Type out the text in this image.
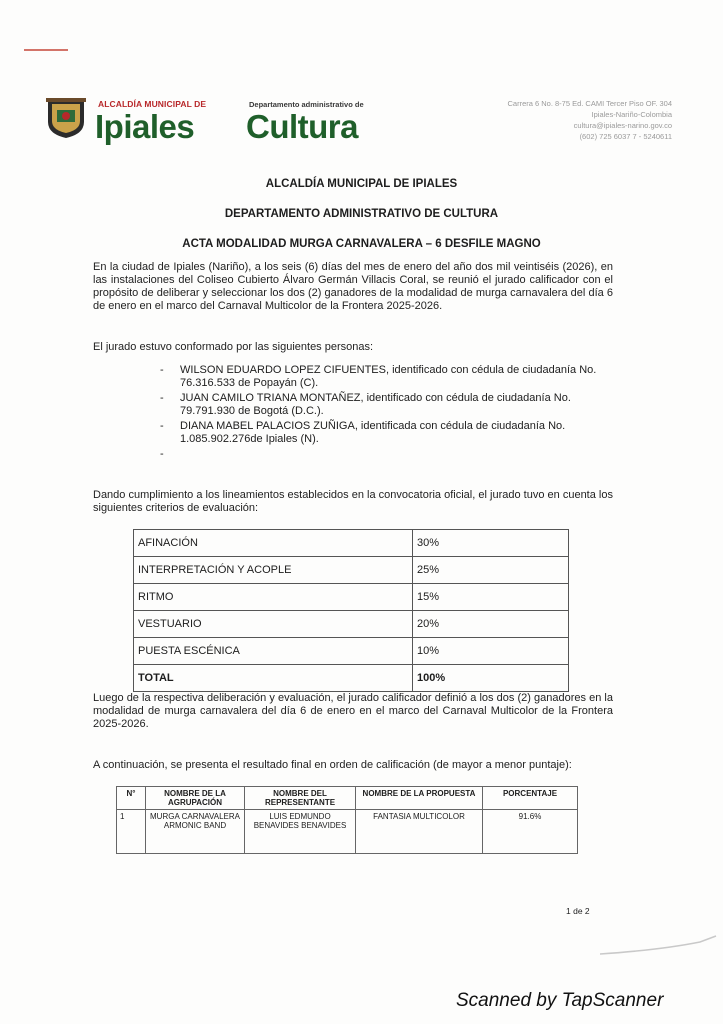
ALCALDÍA MUNICIPAL DE	Departamento administrativo de
Ipiales Cultura
Carrera 6 No. 8-75 Ed. CAMI Tercer Piso OF. 304
Ipiales-Nariño-Colombia
cultura@ipiales-narino.gov.co
(602) 725 6037 7 - 5240611
ALCALDÍA MUNICIPAL DE IPIALES
DEPARTAMENTO ADMINISTRATIVO DE CULTURA
ACTA MODALIDAD MURGA CARNAVALERA – 6 DESFILE MAGNO
En la ciudad de Ipiales (Nariño), a los seis (6) días del mes de enero del año dos mil veintiséis (2026), en las instalaciones del Coliseo Cubierto Álvaro Germán Villacis Coral, se reunió el jurado calificador con el propósito de deliberar y seleccionar los dos (2) ganadores de la modalidad de murga carnavalera del día 6 de enero en el marco del Carnaval Multicolor de la Frontera 2025-2026.
El jurado estuvo conformado por las siguientes personas:
- WILSON EDUARDO LOPEZ CIFUENTES, identificado con cédula de ciudadanía No. 76.316.533 de Popayán (C).
- JUAN CAMILO TRIANA MONTAÑEZ, identificado con cédula de ciudadanía No. 79.791.930 de Bogotá (D.C.).
- DIANA MABEL PALACIOS ZUÑIGA, identificada con cédula de ciudadanía No. 1.085.902.276de Ipiales (N).
Dando cumplimiento a los lineamientos establecidos en la convocatoria oficial, el jurado tuvo en cuenta los siguientes criterios de evaluación:
AFINACIÓN	30%
INTERPRETACIÓN Y ACOPLE	25%
RITMO	15%
VESTUARIO	20%
PUESTA ESCÉNICA	10%
TOTAL	100%
Luego de la respectiva deliberación y evaluación, el jurado calificador definió a los dos (2) ganadores en la modalidad de murga carnavalera del día 6 de enero en el marco del Carnaval Multicolor de la Frontera 2025-2026.
A continuación, se presenta el resultado final en orden de calificación (de mayor a menor puntaje):
N°	NOMBRE DE LA AGRUPACIÓN	NOMBRE DEL REPRESENTANTE	NOMBRE DE LA PROPUESTA	PORCENTAJE
1	MURGA CARNAVALERA ARMONIC BAND	LUIS EDMUNDO BENAVIDES BENAVIDES	FANTASIA MULTICOLOR	91.6%
1 de 2
Scanned by TapScanner
